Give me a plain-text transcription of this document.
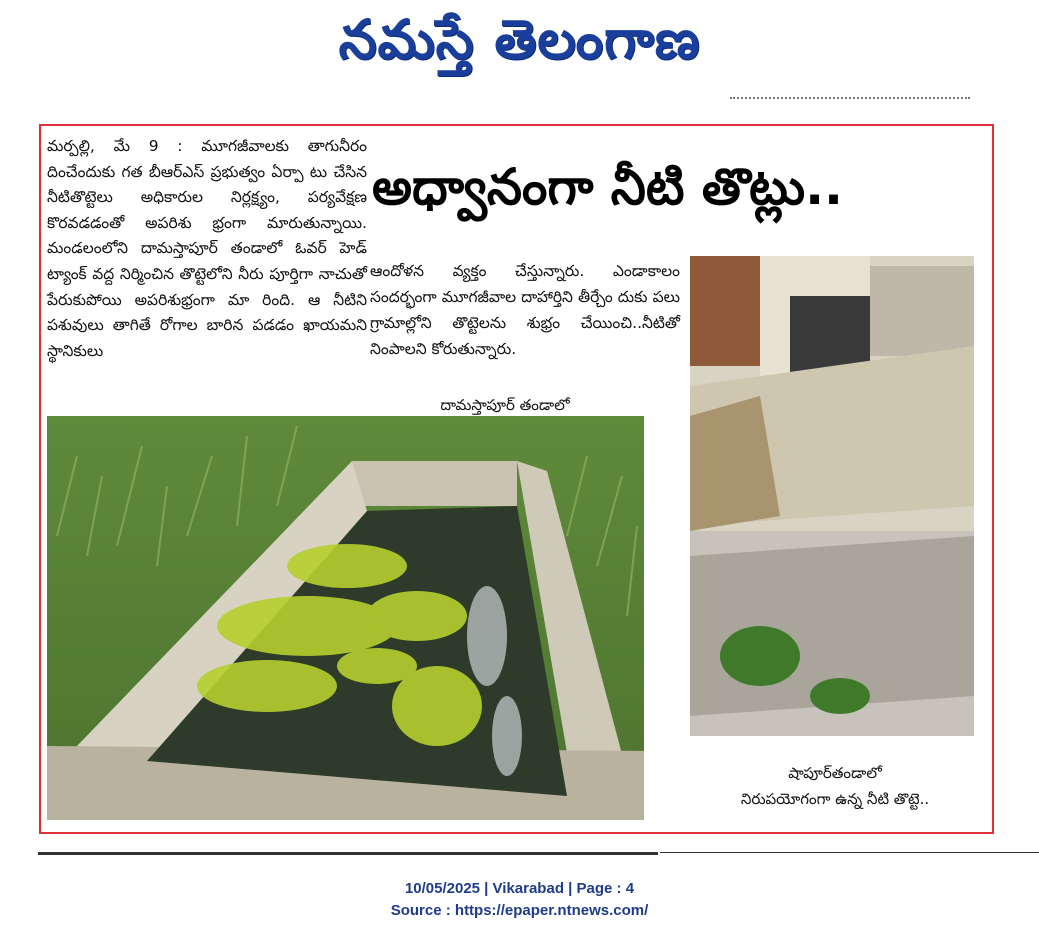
నమస్తే తెలంగాణ

మర్పల్లి, మే 9 : మూగజీవాలకు తాగునీరం దించేందుకు గత బీఆర్ఎస్ ప్రభుత్వం ఏర్పా టు చేసిన నీటితొట్టెలు అధికారుల నిర్లక్ష్యం, పర్యవేక్షణ కొరవడడంతో అపరిశు భ్రంగా మారుతున్నాయి. మండలంలోని దామస్తాపూర్ తండాలో ఓవర్ హెడ్ ట్యాంక్ వద్ద నిర్మించిన తొట్టెలోని నీరు పూర్తిగా నాచుతో పేరుకుపోయి అపరిశుభ్రంగా మా రింది. ఆ నీటిని పశువులు తాగితే రోగాల బారిన పడడం ఖాయమని స్థానికులు

అధ్వానంగా నీటి తొట్లు..

ఆందోళన వ్యక్తం చేస్తున్నారు. ఎండాకాలం సందర్భంగా మూగజీవాల దాహార్తిని తీర్చేం దుకు పలు గ్రామాల్లోని తొట్టెలను శుభ్రం చేయించి..నీటితో నింపాలని కోరుతున్నారు.

దామస్తాపూర్ తండాలో
షాపూర్‌తండాలో
నిరుపయోగంగా ఉన్న నీటి తొట్టె..
10/05/2025 | Vikarabad | Page : 4
Source : https://epaper.ntnews.com/
